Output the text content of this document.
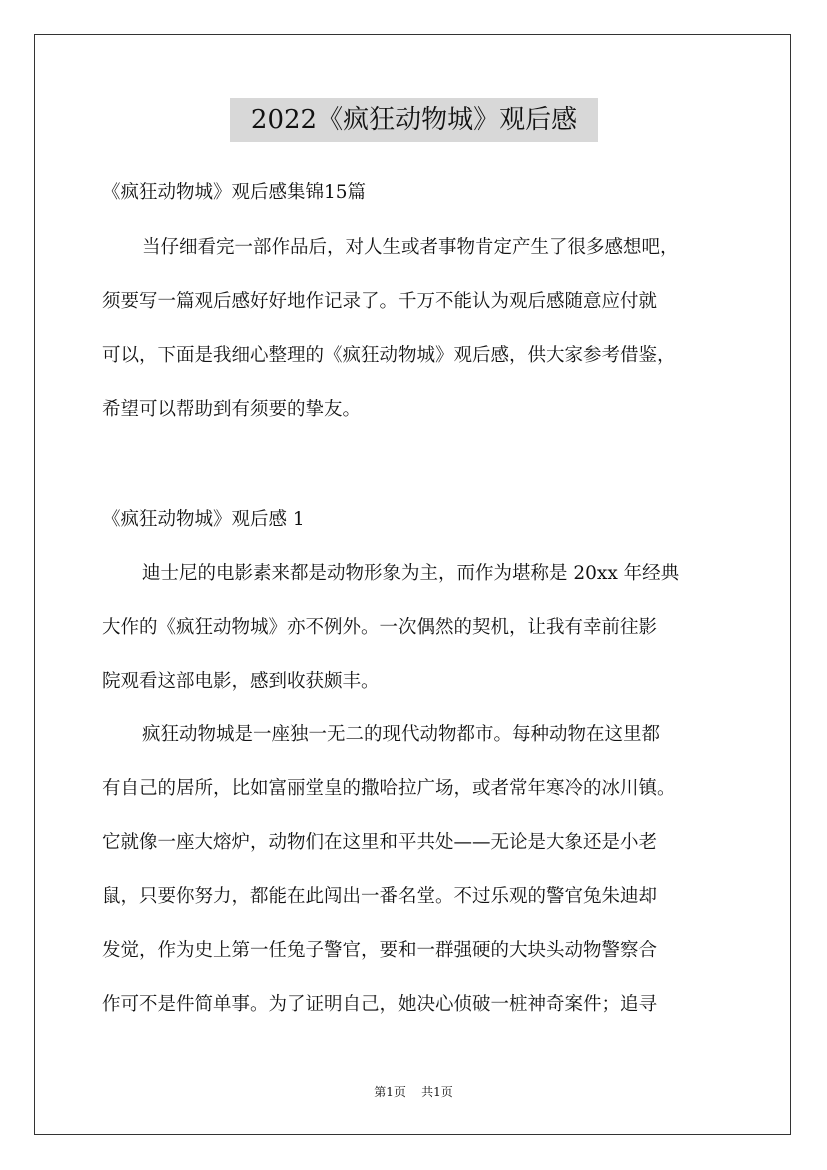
2022《疯狂动物城》观后感
《疯狂动物城》观后感集锦15篇
当仔细看完一部作品后，对人生或者事物肯定产生了很多感想吧，
须要写一篇观后感好好地作记录了。千万不能认为观后感随意应付就
可以，下面是我细心整理的《疯狂动物城》观后感，供大家参考借鉴，
希望可以帮助到有须要的挚友。
《疯狂动物城》观后感 1
迪士尼的电影素来都是动物形象为主，而作为堪称是 20xx 年经典
大作的《疯狂动物城》亦不例外。一次偶然的契机，让我有幸前往影
院观看这部电影，感到收获颇丰。
疯狂动物城是一座独一无二的现代动物都市。每种动物在这里都
有自己的居所，比如富丽堂皇的撒哈拉广场，或者常年寒冷的冰川镇。
它就像一座大熔炉，动物们在这里和平共处——无论是大象还是小老
鼠，只要你努力，都能在此闯出一番名堂。不过乐观的警官兔朱迪却
发觉，作为史上第一任兔子警官，要和一群强硬的大块头动物警察合
作可不是件简单事。为了证明自己，她决心侦破一桩神奇案件；追寻
第1页 共1页
